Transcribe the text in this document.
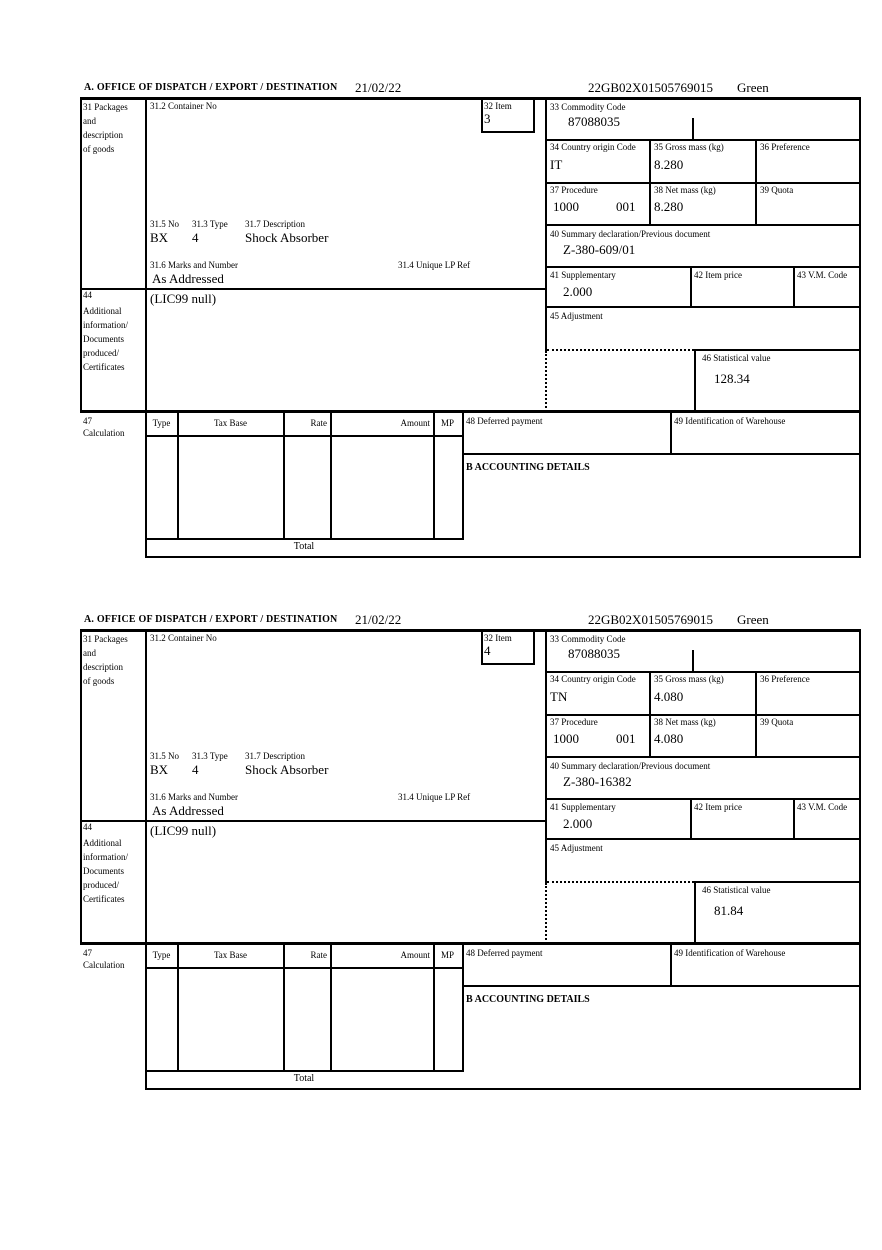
A. OFFICE OF DISPATCH / EXPORT / DESTINATION 21/02/22	22GB02X01505769015 Green
31 Packages
and
description
of goods
31.2 Container No	32 Item
3
33 Commodity Code
87088035
34 Country origin Code
IT
35 Gross mass (kg)
8.280
36 Preference
37 Procedure
1000	001
38 Net mass (kg)
8.280
39 Quota
31.5 No 31.3 Type 31.7 Description
BX 4	Shock Absorber
31.6 Marks and Number
As Addressed
31.4 Unique LP Ref
40 Summary declaration/Previous document
Z-380-609/01
41 Supplementary
2.000
42 Item price	43 V.M. Code
44
Additional
information/
Documents
produced/
Certificates
(LIC99 null)
45 Adjustment
46 Statistical value
128.34
47
Calculation
Type	Tax Base	Rate	Amount	MP
Total
48 Deferred payment	49 Identification of Warehouse
B ACCOUNTING DETAILS
A. OFFICE OF DISPATCH / EXPORT / DESTINATION 21/02/22	22GB02X01505769015 Green
31 Packages
and
description
of goods
31.2 Container No	32 Item
4
33 Commodity Code
87088035
34 Country origin Code
TN
35 Gross mass (kg)
4.080
36 Preference
37 Procedure
1000	001
38 Net mass (kg)
4.080
39 Quota
31.5 No 31.3 Type 31.7 Description
BX 4	Shock Absorber
31.6 Marks and Number
As Addressed
31.4 Unique LP Ref
40 Summary declaration/Previous document
Z-380-16382
41 Supplementary
2.000
42 Item price	43 V.M. Code
44
Additional
information/
Documents
produced/
Certificates
(LIC99 null)
45 Adjustment
46 Statistical value
81.84
47
Calculation
Type	Tax Base	Rate	Amount	MP
Total
48 Deferred payment	49 Identification of Warehouse
B ACCOUNTING DETAILS
